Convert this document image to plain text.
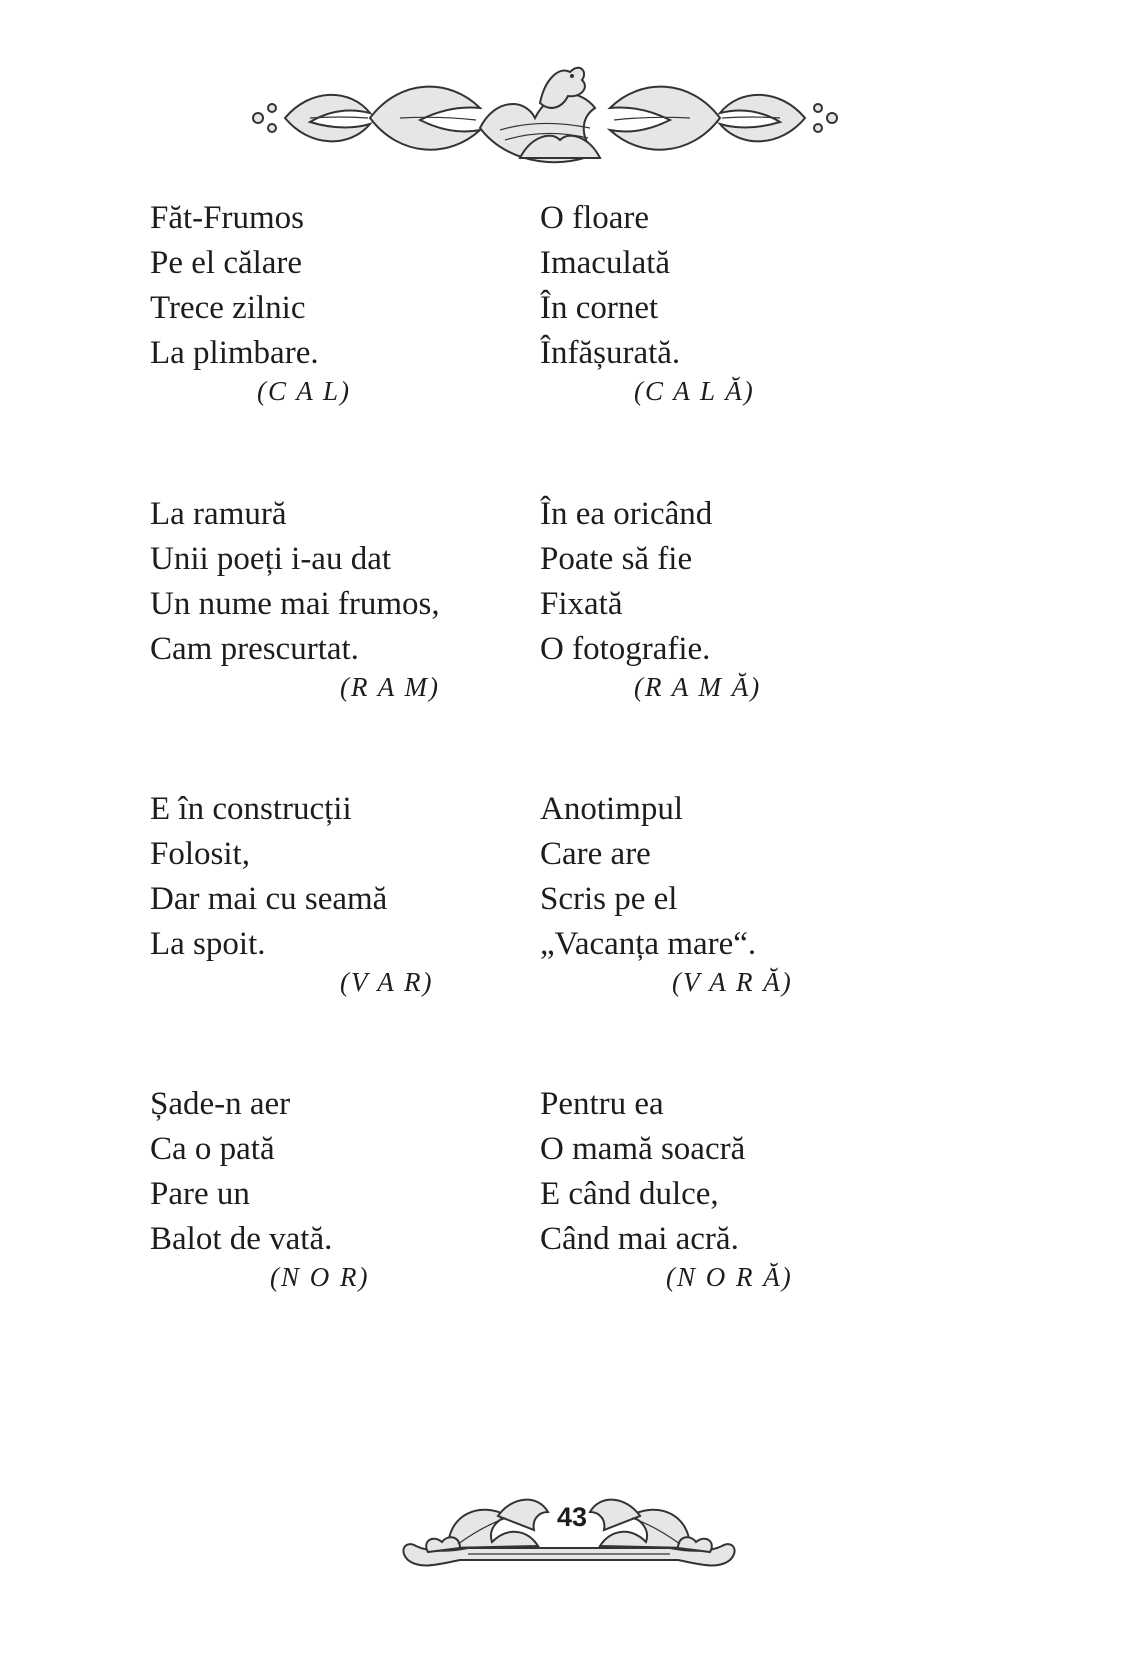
Făt-Frumos
Pe el călare
Trece zilnic
La plimbare.
(C A L)
O floare
Imaculată
În cornet
Înfășurată.
(C A L Ă)
La ramură
Unii poeți i-au dat
Un nume mai frumos,
Cam prescurtat.
(R A M)
În ea oricând
Poate să fie
Fixată
O fotografie.
(R A M Ă)
E în construcții
Folosit,
Dar mai cu seamă
La spoit.
(V A R)
Anotimpul
Care are
Scris pe el
„Vacanța mare“.
(V A R Ă)
Șade-n aer
Ca o pată
Pare un
Balot de vată.
(N O R)
Pentru ea
O mamă soacră
E când dulce,
Când mai acră.
(N O R Ă)
43
